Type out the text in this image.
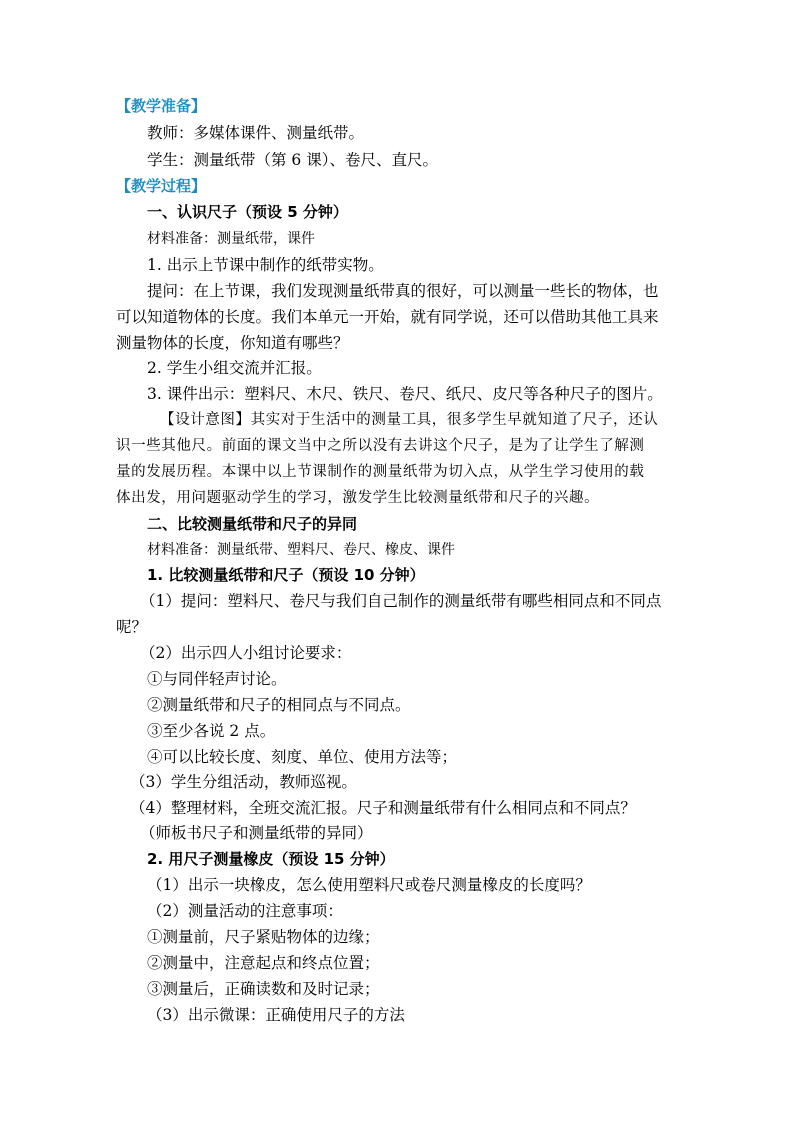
【教学准备】
教师：多媒体课件、测量纸带。
学生：测量纸带（第 6 课）、卷尺、直尺。
【教学过程】
一、认识尺子（预设 5 分钟）
材料准备：测量纸带，课件
1. 出示上节课中制作的纸带实物。
提问：在上节课，我们发现测量纸带真的很好，可以测量一些长的物体，也
可以知道物体的长度。我们本单元一开始，就有同学说，还可以借助其他工具来
测量物体的长度，你知道有哪些？
2. 学生小组交流并汇报。
3. 课件出示：塑料尺、木尺、铁尺、卷尺、纸尺、皮尺等各种尺子的图片。
【设计意图】其实对于生活中的测量工具，很多学生早就知道了尺子，还认
识一些其他尺。前面的课文当中之所以没有去讲这个尺子，是为了让学生了解测
量的发展历程。本课中以上节课制作的测量纸带为切入点，从学生学习使用的载
体出发，用问题驱动学生的学习，激发学生比较测量纸带和尺子的兴趣。
二、比较测量纸带和尺子的异同
材料准备：测量纸带、塑料尺、卷尺、橡皮、课件
1. 比较测量纸带和尺子（预设 10 分钟）
（1）提问：塑料尺、卷尺与我们自己制作的测量纸带有哪些相同点和不同点
呢？
（2）出示四人小组讨论要求：
①与同伴轻声讨论。
②测量纸带和尺子的相同点与不同点。
③至少各说 2 点。
④可以比较长度、刻度、单位、使用方法等；
（3）学生分组活动，教师巡视。
（4）整理材料，全班交流汇报。尺子和测量纸带有什么相同点和不同点？
（师板书尺子和测量纸带的异同）
2. 用尺子测量橡皮（预设 15 分钟）
（1）出示一块橡皮，怎么使用塑料尺或卷尺测量橡皮的长度吗？
（2）测量活动的注意事项：
①测量前，尺子紧贴物体的边缘；
②测量中，注意起点和终点位置；
③测量后，正确读数和及时记录；
（3）出示微课：正确使用尺子的方法
